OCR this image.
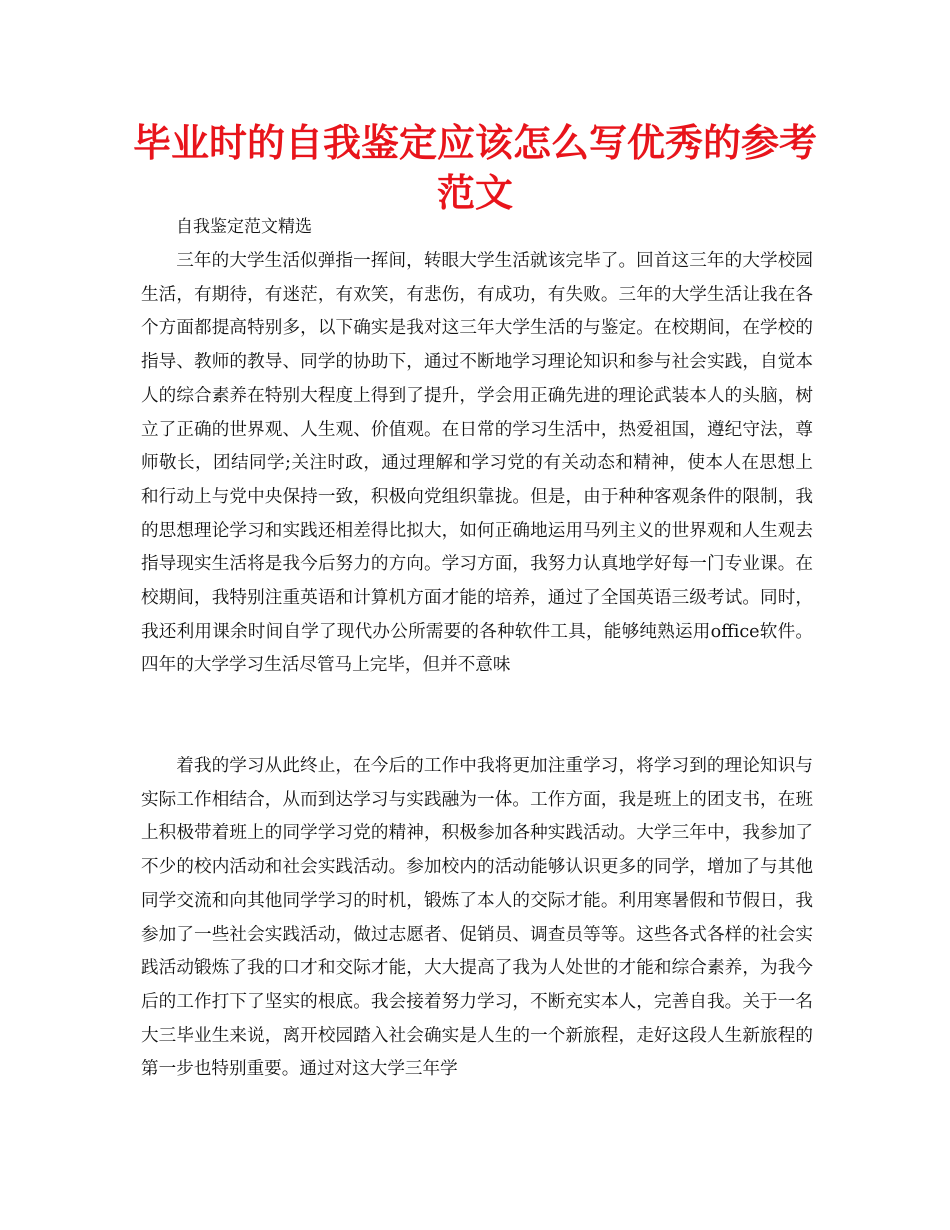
毕业时的自我鉴定应该怎么写优秀的参考范文

自我鉴定范文精选

三年的大学生活似弹指一挥间，转眼大学生活就该完毕了。回首这三年的大学校园生活，有期待，有迷茫，有欢笑，有悲伤，有成功，有失败。三年的大学生活让我在各个方面都提高特别多，以下确实是我对这三年大学生活的与鉴定。在校期间，在学校的指导、教师的教导、同学的协助下，通过不断地学习理论知识和参与社会实践，自觉本人的综合素养在特别大程度上得到了提升，学会用正确先进的理论武装本人的头脑，树立了正确的世界观、人生观、价值观。在日常的学习生活中，热爱祖国，遵纪守法，尊师敬长，团结同学;关注时政，通过理解和学习党的有关动态和精神，使本人在思想上和行动上与党中央保持一致，积极向党组织靠拢。但是，由于种种客观条件的限制，我的思想理论学习和实践还相差得比拟大，如何正确地运用马列主义的世界观和人生观去指导现实生活将是我今后努力的方向。学习方面，我努力认真地学好每一门专业课。在校期间，我特别注重英语和计算机方面才能的培养，通过了全国英语三级考试。同时，我还利用课余时间自学了现代办公所需要的各种软件工具，能够纯熟运用office软件。四年的大学学习生活尽管马上完毕，但并不意味

着我的学习从此终止，在今后的工作中我将更加注重学习，将学习到的理论知识与实际工作相结合，从而到达学习与实践融为一体。工作方面，我是班上的团支书，在班上积极带着班上的同学学习党的精神，积极参加各种实践活动。大学三年中，我参加了不少的校内活动和社会实践活动。参加校内的活动能够认识更多的同学，增加了与其他同学交流和向其他同学学习的时机，锻炼了本人的交际才能。利用寒暑假和节假日，我参加了一些社会实践活动，做过志愿者、促销员、调查员等等。这些各式各样的社会实践活动锻炼了我的口才和交际才能，大大提高了我为人处世的才能和综合素养，为我今后的工作打下了坚实的根底。我会接着努力学习，不断充实本人，完善自我。关于一名大三毕业生来说，离开校园踏入社会确实是人生的一个新旅程，走好这段人生新旅程的第一步也特别重要。通过对这大学三年学
